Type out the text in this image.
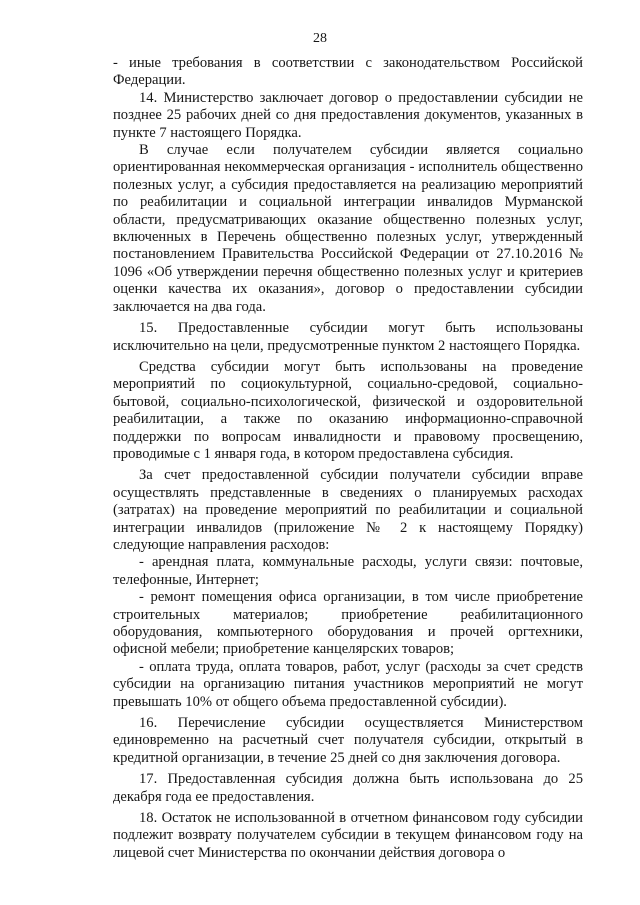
28

- иные требования в соответствии с законодательством Российской Федерации.

14. Министерство заключает договор о предоставлении субсидии не позднее 25 рабочих дней со дня предоставления документов, указанных в пункте 7 настоящего Порядка.

В случае если получателем субсидии является социально ориентированная некоммерческая организация - исполнитель общественно полезных услуг, а субсидия предоставляется на реализацию мероприятий по реабилитации и социальной интеграции инвалидов Мурманской области, предусматривающих оказание общественно полезных услуг, включенных в Перечень общественно полезных услуг, утвержденный постановлением Правительства Российской Федерации от 27.10.2016 № 1096 «Об утверждении перечня общественно полезных услуг и критериев оценки качества их оказания», договор о предоставлении субсидии заключается на два года.

15. Предоставленные субсидии могут быть использованы исключительно на цели, предусмотренные пунктом 2 настоящего Порядка.

Средства субсидии могут быть использованы на проведение мероприятий по социокультурной, социально-средовой, социально-бытовой, социально-психологической, физической и оздоровительной реабилитации, а также по оказанию информационно-справочной поддержки по вопросам инвалидности и правовому просвещению, проводимые с 1 января года, в котором предоставлена субсидия.

За счет предоставленной субсидии получатели субсидии вправе осуществлять представленные в сведениях о планируемых расходах (затратах) на проведение мероприятий по реабилитации и социальной интеграции инвалидов (приложение № 2 к настоящему Порядку) следующие направления расходов:

- арендная плата, коммунальные расходы, услуги связи: почтовые, телефонные, Интернет;

- ремонт помещения офиса организации, в том числе приобретение строительных материалов; приобретение реабилитационного оборудования, компьютерного оборудования и прочей оргтехники, офисной мебели; приобретение канцелярских товаров;

- оплата труда, оплата товаров, работ, услуг (расходы за счет средств субсидии на организацию питания участников мероприятий не могут превышать 10% от общего объема предоставленной субсидии).

16. Перечисление субсидии осуществляется Министерством единовременно на расчетный счет получателя субсидии, открытый в кредитной организации, в течение 25 дней со дня заключения договора.

17. Предоставленная субсидия должна быть использована до 25 декабря года ее предоставления.

18. Остаток не использованной в отчетном финансовом году субсидии подлежит возврату получателем субсидии в текущем финансовом году на лицевой счет Министерства по окончании действия договора о
